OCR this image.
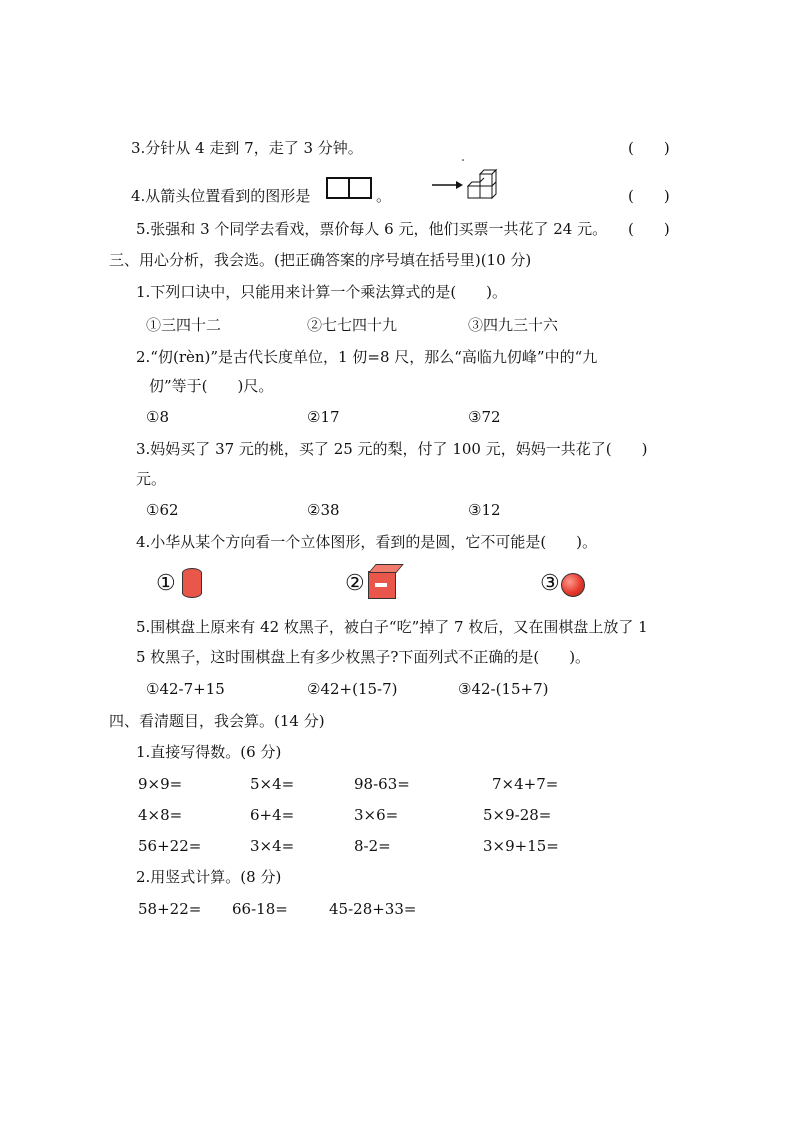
3.分针从 4 走到 7，走了 3 分钟。	(　　)
4.从箭头位置看到的图形是	。	(　　)
5.张强和 3 个同学去看戏，票价每人 6 元，他们买票一共花了 24 元。 (　　)
三、用心分析，我会选。(把正确答案的序号填在括号里)(10 分)
1.下列口诀中，只能用来计算一个乘法算式的是(　　)。
①三四十二	②七七四十九	③四九三十六
2.“仞(rèn)”是古代长度单位，1 仞=8 尺，那么“高临九仞峰”中的“九
仞”等于(　　)尺。
①8	②17	③72
3.妈妈买了 37 元的桃，买了 25 元的梨，付了 100 元，妈妈一共花了(　　)
元。
①62	②38	③12
4.小华从某个方向看一个立体图形，看到的是圆，它不可能是(　　)。
①	②	③
5.围棋盘上原来有 42 枚黑子，被白子“吃”掉了 7 枚后，又在围棋盘上放了 1
5 枚黑子，这时围棋盘上有多少枚黑子?下面列式不正确的是(　　)。
①42-7+15	②42+(15-7)	③42-(15+7)
四、看清题目，我会算。(14 分)
1.直接写得数。(6 分)
9×9=	5×4=	98-63=	7×4+7=
4×8=	6+4=	3×6=	5×9-28=
56+22=	3×4=	8-2=	3×9+15=
2.用竖式计算。(8 分)
58+22= 66-18=	45-28+33=
